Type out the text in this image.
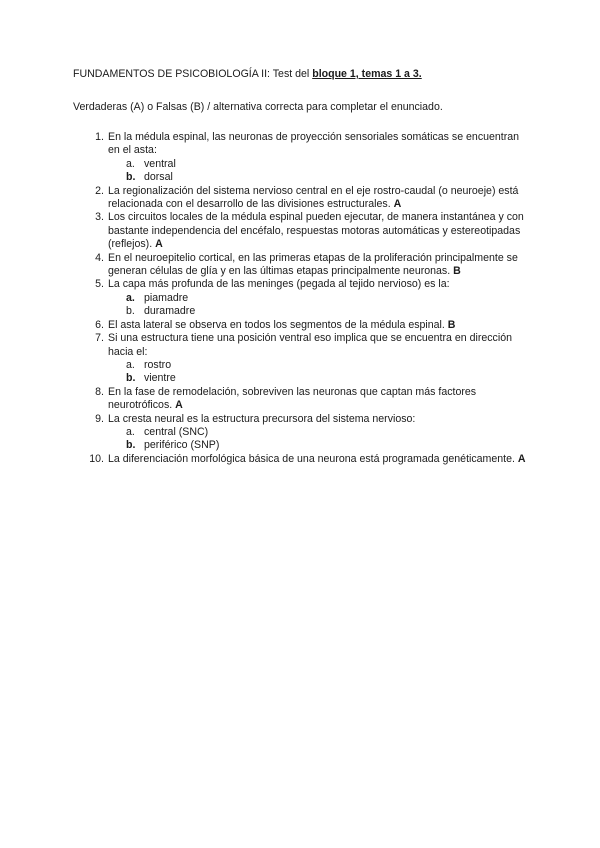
FUNDAMENTOS DE PSICOBIOLOGÍA II: Test del bloque 1, temas 1 a 3.
Verdaderas (A) o Falsas (B) / alternativa correcta para completar el enunciado.
1. En la médula espinal, las neuronas de proyección sensoriales somáticas se encuentran en el asta:
a. ventral
b. dorsal
2. La regionalización del sistema nervioso central en el eje rostro-caudal (o neuroeje) está relacionada con el desarrollo de las divisiones estructurales. A
3. Los circuitos locales de la médula espinal pueden ejecutar, de manera instantánea y con bastante independencia del encéfalo, respuestas motoras automáticas y estereotipadas (reflejos). A
4. En el neuroepitelio cortical, en las primeras etapas de la proliferación principalmente se generan células de glía y en las últimas etapas principalmente neuronas. B
5. La capa más profunda de las meninges (pegada al tejido nervioso) es la:
a. piamadre
b. duramadre
6. El asta lateral se observa en todos los segmentos de la médula espinal. B
7. Si una estructura tiene una posición ventral eso implica que se encuentra en dirección hacia el:
a. rostro
b. vientre
8. En la fase de remodelación, sobreviven las neuronas que captan más factores neurotróficos. A
9. La cresta neural es la estructura precursora del sistema nervioso:
a. central (SNC)
b. periférico (SNP)
10. La diferenciación morfológica básica de una neurona está programada genéticamente. A
